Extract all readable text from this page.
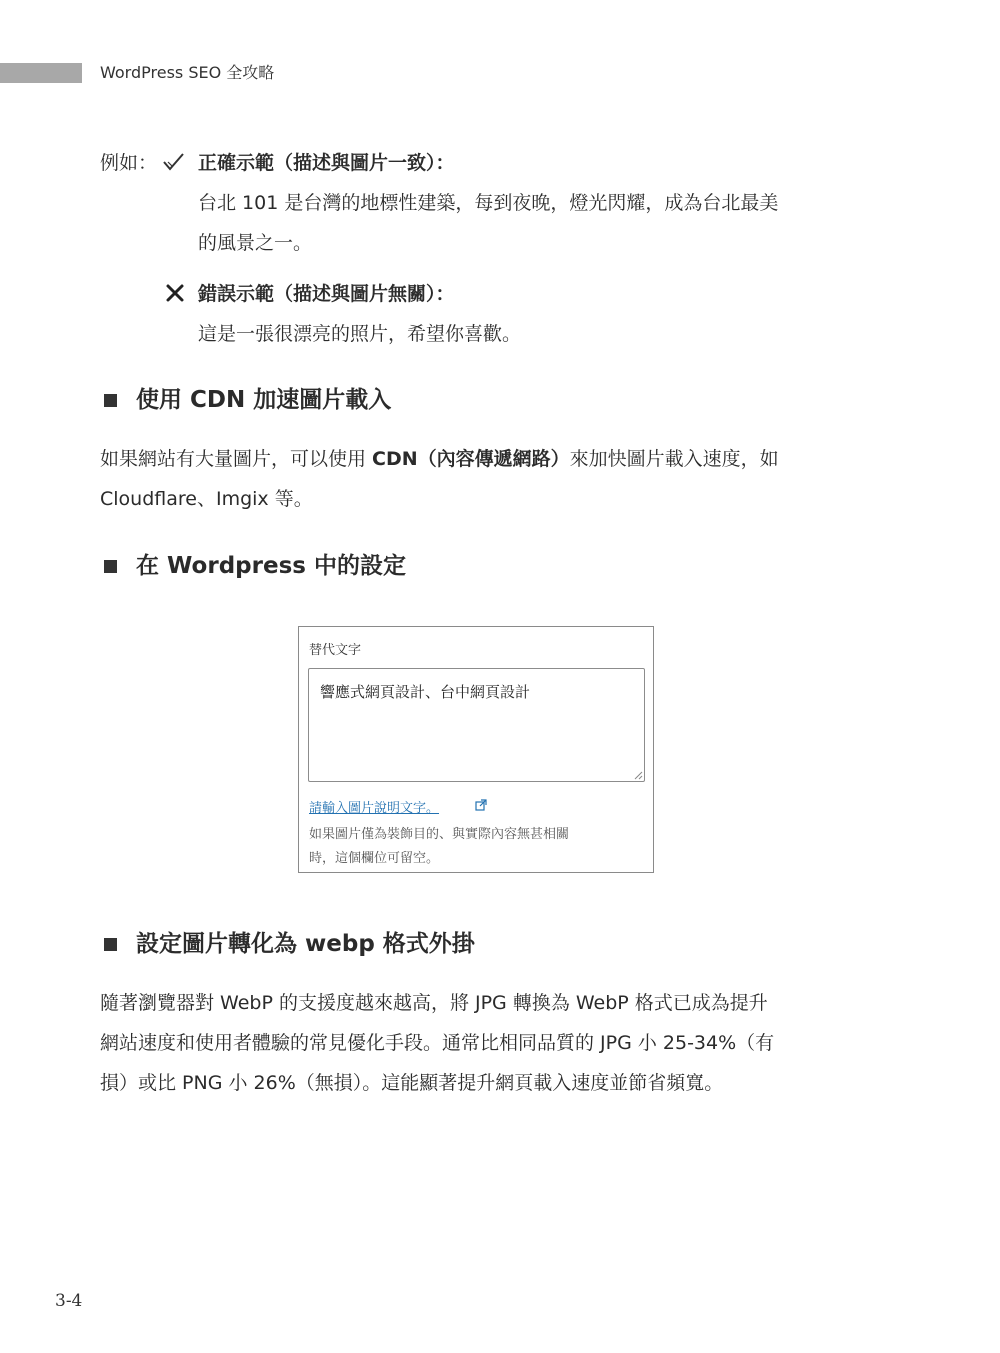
WordPress SEO 全攻略
例如： 正確示範（描述與圖片一致）：
台北 101 是台灣的地標性建築，每到夜晚，燈光閃耀，成為台北最美
的風景之一。
錯誤示範（描述與圖片無關）：
這是一張很漂亮的照片，希望你喜歡。
使用 CDN 加速圖片載入
如果網站有大量圖片，可以使用 CDN（內容傳遞網路）來加快圖片載入速度，如
Cloudflare、Imgix 等。
在 Wordpress 中的設定
替代文字
響應式網頁設計、台中網頁設計
請輸入圖片說明文字。
如果圖片僅為裝飾目的、與實際內容無甚相關
時，這個欄位可留空。
設定圖片轉化為 webp 格式外掛
隨著瀏覽器對 WebP 的支援度越來越高，將 JPG 轉換為 WebP 格式已成為提升
網站速度和使用者體驗的常見優化手段。通常比相同品質的 JPG 小 25-34%（有
損）或比 PNG 小 26%（無損）。這能顯著提升網頁載入速度並節省頻寬。
3-4
